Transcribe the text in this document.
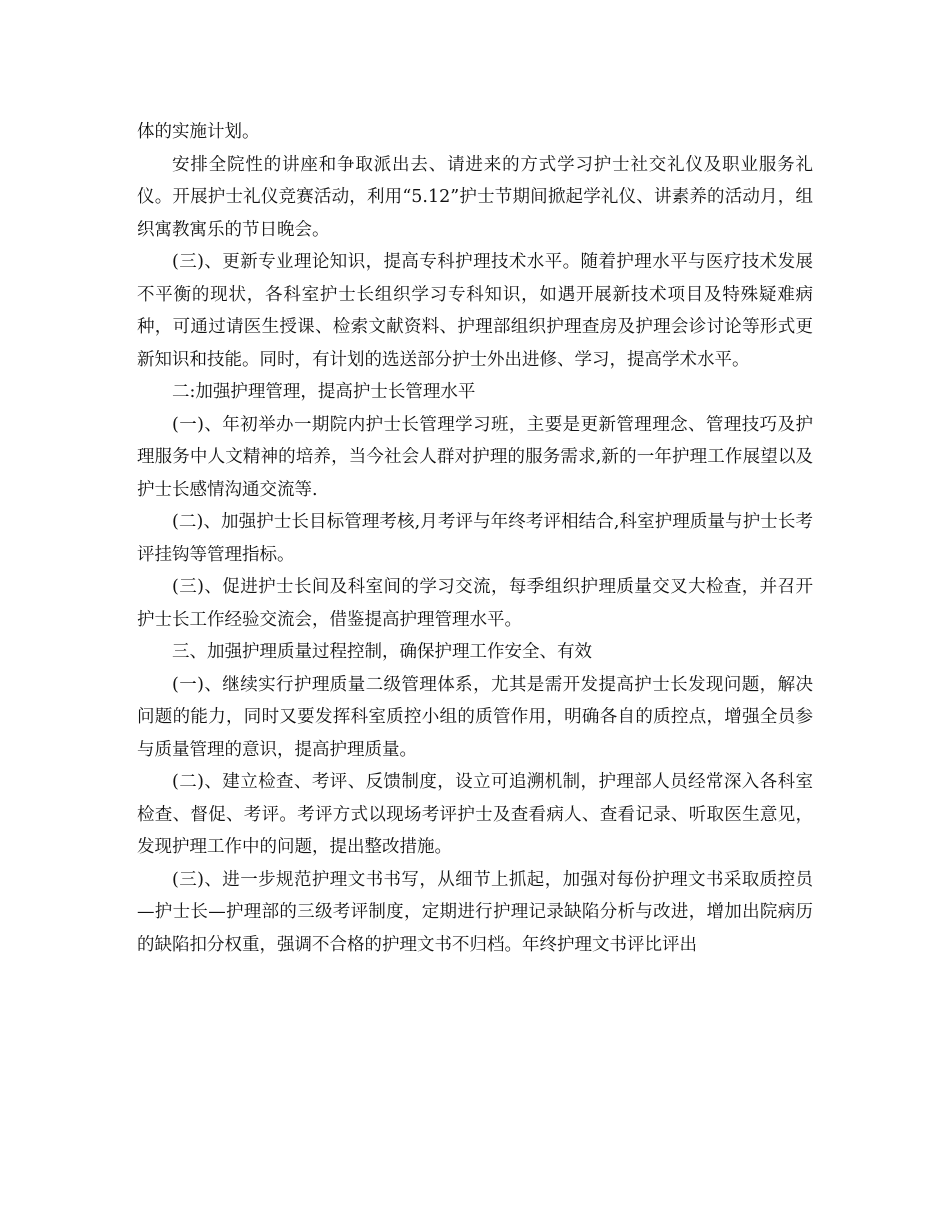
体的实施计划。

安排全院性的讲座和争取派出去、请进来的方式学习护士社交礼仪及职业服务礼仪。开展护士礼仪竞赛活动，利用“5.12”护士节期间掀起学礼仪、讲素养的活动月，组织寓教寓乐的节日晚会。

(三)、更新专业理论知识，提高专科护理技术水平。随着护理水平与医疗技术发展不平衡的现状，各科室护士长组织学习专科知识，如遇开展新技术项目及特殊疑难病种，可通过请医生授课、检索文献资料、护理部组织护理查房及护理会诊讨论等形式更新知识和技能。同时，有计划的选送部分护士外出进修、学习，提高学术水平。

二:加强护理管理，提高护士长管理水平

(一)、年初举办一期院内护士长管理学习班，主要是更新管理理念、管理技巧及护理服务中人文精神的培养，当今社会人群对护理的服务需求,新的一年护理工作展望以及护士长感情沟通交流等.

(二)、加强护士长目标管理考核,月考评与年终考评相结合,科室护理质量与护士长考评挂钩等管理指标。

(三)、促进护士长间及科室间的学习交流，每季组织护理质量交叉大检查，并召开护士长工作经验交流会，借鉴提高护理管理水平。

三、加强护理质量过程控制，确保护理工作安全、有效

(一)、继续实行护理质量二级管理体系，尤其是需开发提高护士长发现问题，解决问题的能力，同时又要发挥科室质控小组的质管作用，明确各自的质控点，增强全员参与质量管理的意识，提高护理质量。

(二)、建立检查、考评、反馈制度，设立可追溯机制，护理部人员经常深入各科室检查、督促、考评。考评方式以现场考评护士及查看病人、查看记录、听取医生意见，发现护理工作中的问题，提出整改措施。

(三)、进一步规范护理文书书写，从细节上抓起，加强对每份护理文书采取质控员—护士长—护理部的三级考评制度，定期进行护理记录缺陷分析与改进，增加出院病历的缺陷扣分权重，强调不合格的护理文书不归档。年终护理文书评比评出
